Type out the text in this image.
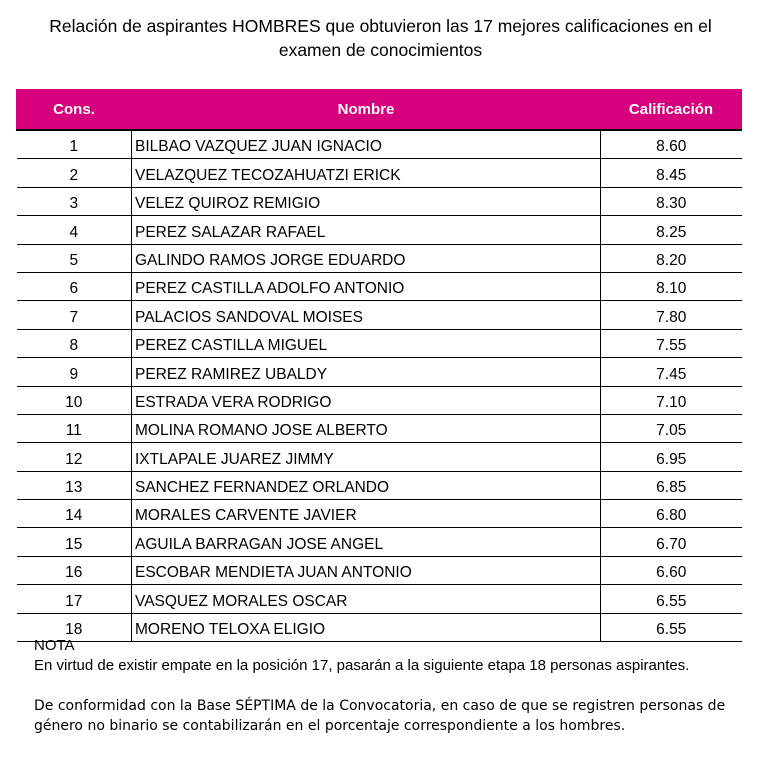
Relación de aspirantes HOMBRES que obtuvieron las 17 mejores calificaciones en el
examen de conocimientos
Cons.	Nombre	Calificación
1	BILBAO VAZQUEZ JUAN IGNACIO	8.60
2	VELAZQUEZ TECOZAHUATZI ERICK	8.45
3	VELEZ QUIROZ REMIGIO	8.30
4	PEREZ SALAZAR RAFAEL	8.25
5	GALINDO RAMOS JORGE EDUARDO	8.20
6	PEREZ CASTILLA ADOLFO ANTONIO	8.10
7	PALACIOS SANDOVAL MOISES	7.80
8	PEREZ CASTILLA MIGUEL	7.55
9	PEREZ RAMIREZ UBALDY	7.45
10	ESTRADA VERA RODRIGO	7.10
11	MOLINA ROMANO JOSE ALBERTO	7.05
12	IXTLAPALE JUAREZ JIMMY	6.95
13	SANCHEZ FERNANDEZ ORLANDO	6.85
14	MORALES CARVENTE JAVIER	6.80
15	AGUILA BARRAGAN JOSE ANGEL	6.70
16	ESCOBAR MENDIETA JUAN ANTONIO	6.60
17	VASQUEZ MORALES OSCAR	6.55
18	MORENO TELOXA ELIGIO	6.55

NOTA

En virtud de existir empate en la posición 17, pasarán a la siguiente etapa 18 personas aspirantes.

De conformidad con la Base SÉPTIMA de la Convocatoria, en caso de que se registren personas de género no binario se contabilizarán en el porcentaje correspondiente a los hombres.
